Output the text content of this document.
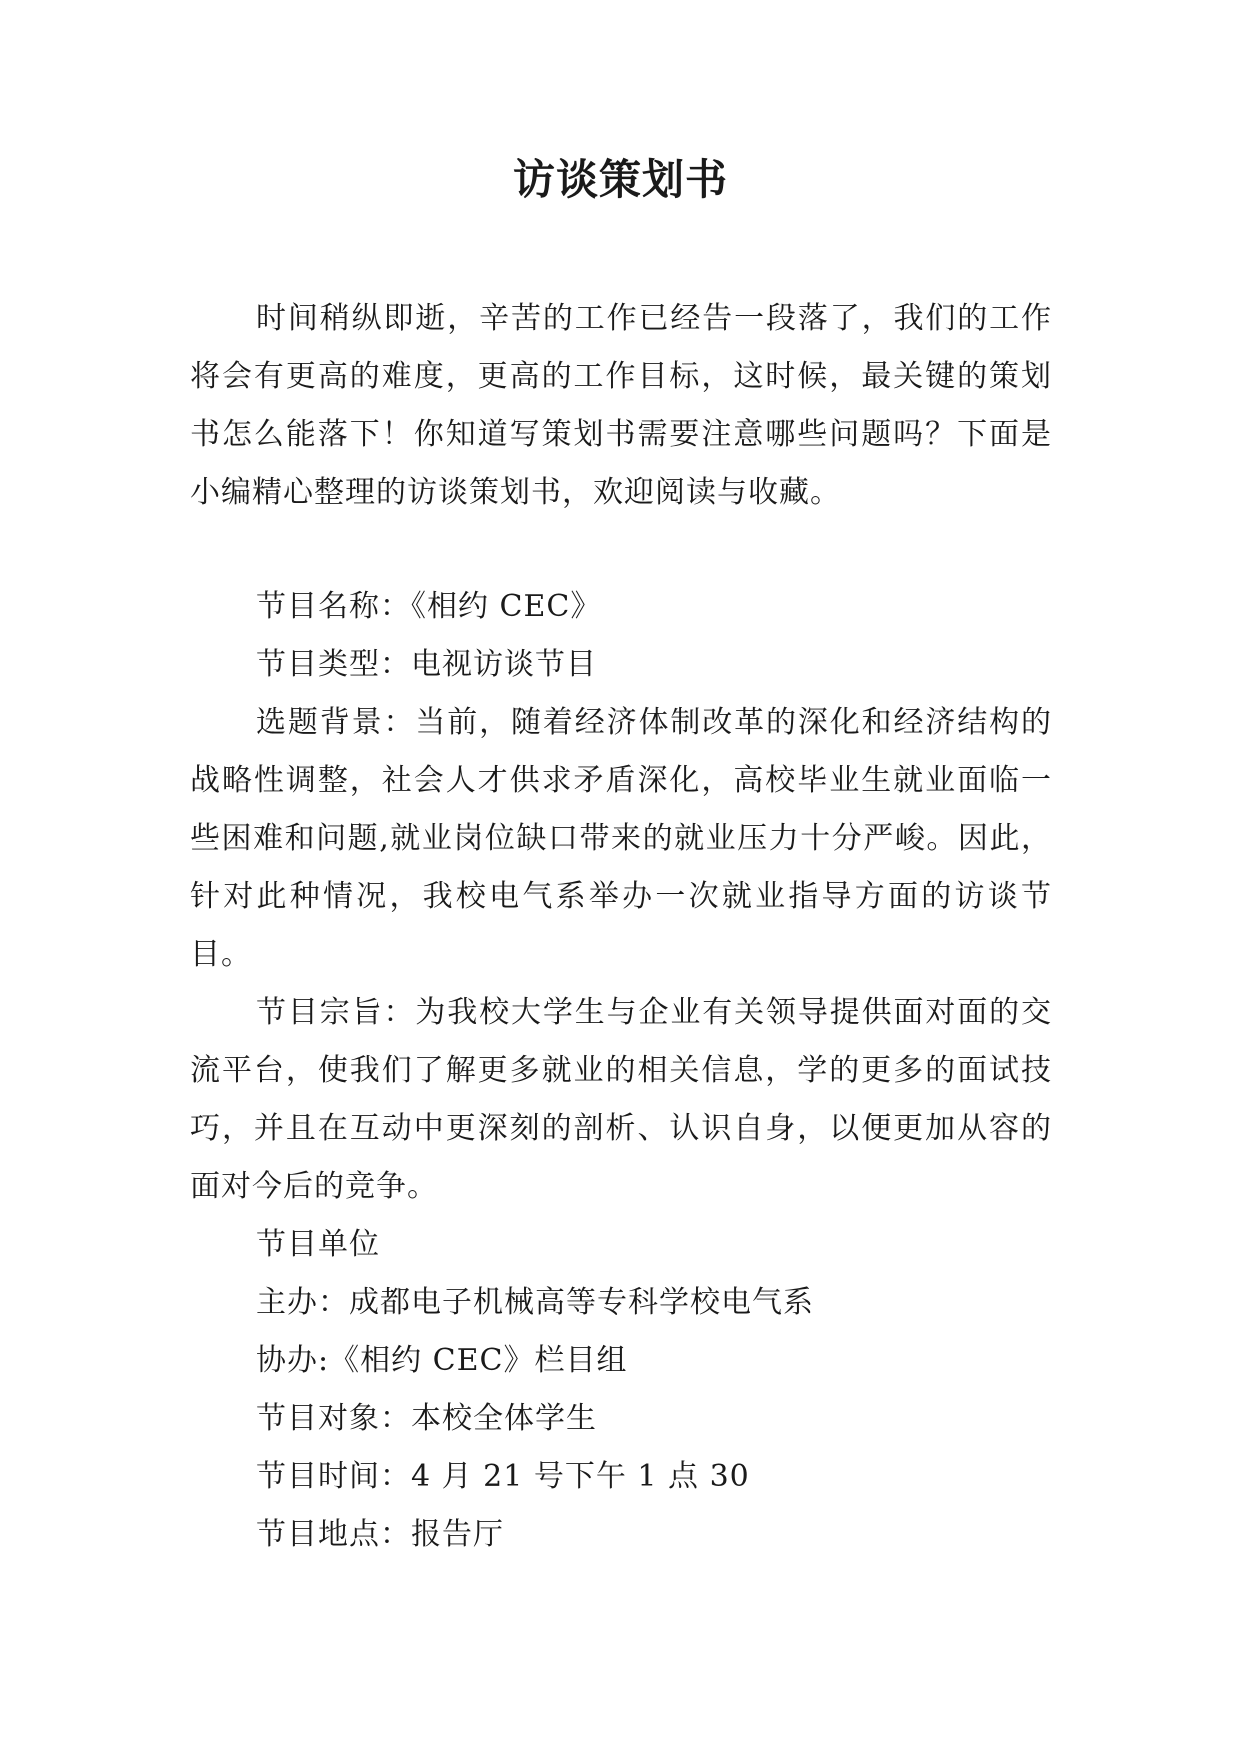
访谈策划书

时间稍纵即逝，辛苦的工作已经告一段落了，我们的工作将会有更高的难度，更高的工作目标，这时候，最关键的策划书怎么能落下！你知道写策划书需要注意哪些问题吗？下面是小编精心整理的访谈策划书，欢迎阅读与收藏。

节目名称：《相约 CEC》

节目类型：电视访谈节目

选题背景：当前，随着经济体制改革的深化和经济结构的战略性调整，社会人才供求矛盾深化，高校毕业生就业面临一些困难和问题,就业岗位缺口带来的就业压力十分严峻。因此，针对此种情况，我校电气系举办一次就业指导方面的访谈节目。

节目宗旨：为我校大学生与企业有关领导提供面对面的交流平台，使我们了解更多就业的相关信息，学的更多的面试技巧，并且在互动中更深刻的剖析、认识自身，以便更加从容的面对今后的竞争。

节目单位

主办：成都电子机械高等专科学校电气系

协办:《相约 CEC》栏目组

节目对象：本校全体学生

节目时间：4 月 21 号下午 1 点 30

节目地点：报告厅
